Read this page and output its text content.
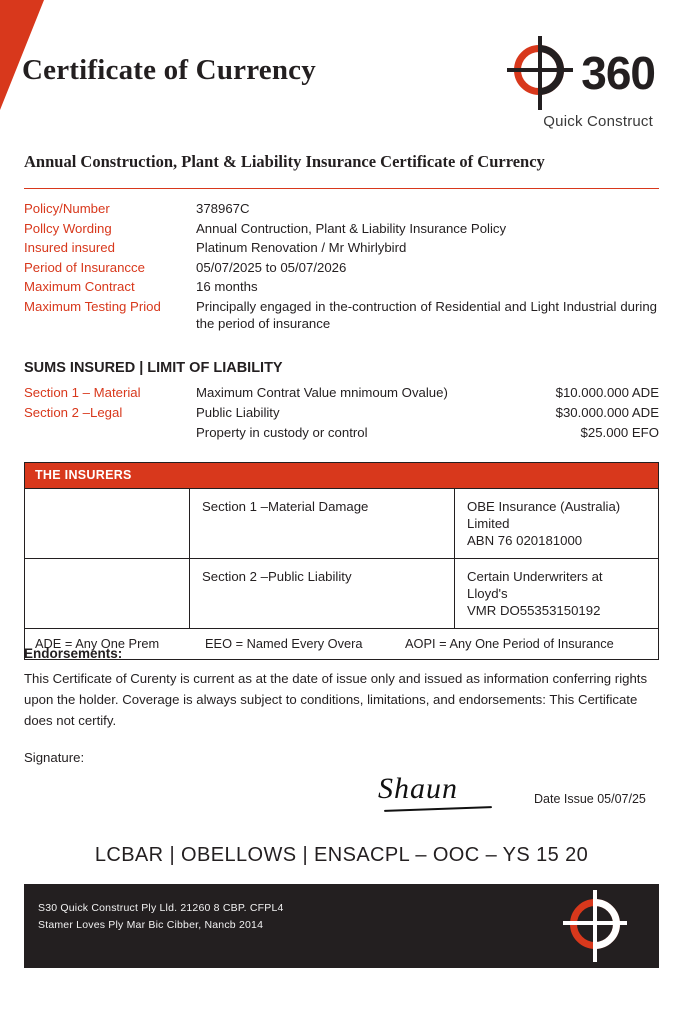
Certificate of Currency	360
Quick Construct
Annual Construction, Plant & Liability Insurance Certificate of Currency
Policy/Number	378967C
Pollcy Wording	Annual Contruction, Plant & Liability Insurance Policy
Insured insured	Platinum Renovation / Mr Whirlybird
Period of Insurancce	05/07/2025 to 05/07/2026
Maximum Contract	16 months
Maximum Testing Priod	Principally engaged in the-contruction of Residential and Light Industrial during the period of insurance
SUMS INSURED | LIMIT OF LIABILITY
Section 1 – Material	Maximum Contrat Value mnimoum Ovalue)	$10.000.000 ADE
Section 2 –Legal	Public Liability	$30.000.000 ADE
Property in custody or control	$25.000 EFO
THE INSURERS
	Section 1 –Material Damage	OBE Insurance (Australia) Limited
ABN 76 020181000

	Section 2 –Public Liability	Certain Underwriters at Lloyd's
VMR DO55353150192

ADE = Any One Prem EEO = Named Every Overa AOPI = Any One Period of Insurance		
Endorsements:
This Certificate of Curenty is current as at the date of issue only and issued as information conferring rights upon the holder. Coverage is always subject to conditions, limitations, and endorsements: This Certificate does not certify.
Signature:
Shaun	Date Issue 05/07/25
LCBAR | OBELLOWS | ENSACPL – OOC – YS 15 20
S30 Quick Construct Ply Lld. 21260 8 CBP. CFPL4
Stamer Loves Ply Mar Bic Cibber, Nancb 2014
